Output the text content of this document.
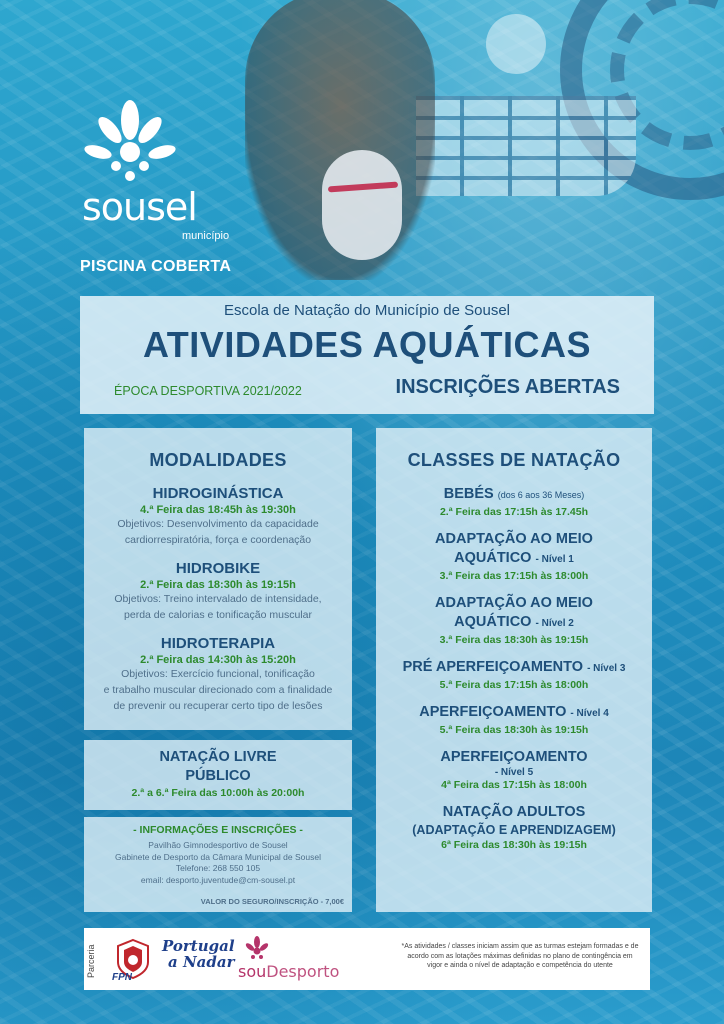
sousel
município
PISCINA COBERTA
Escola de Natação do Município de Sousel
ATIVIDADES AQUÁTICAS
ÉPOCA DESPORTIVA 2021/2022	INSCRIÇÕES ABERTAS
MODALIDADES
HIDROGINÁSTICA
4.ª Feira das 18:45h às 19:30h
Objetivos: Desenvolvimento da capacidade
cardiorrespiratória, força e coordenação
HIDROBIKE
2.ª Feira das 18:30h às 19:15h
Objetivos: Treino intervalado de intensidade,
perda de calorias e tonificação muscular
HIDROTERAPIA
2.ª Feira das 14:30h às 15:20h
Objetivos: Exercício funcional, tonificação
e trabalho muscular direcionado com a finalidade
de prevenir ou recuperar certo tipo de lesões
NATAÇÃO LIVRE
PÚBLICO
2.ª a 6.ª Feira das 10:00h às 20:00h
- INFORMAÇÕES E INSCRIÇÕES -
Pavilhão Gimnodesportivo de Sousel
Gabinete de Desporto da Câmara Municipal de Sousel
Telefone: 268 550 105
email: desporto.juventude@cm-sousel.pt
VALOR DO SEGURO/INSCRIÇÃO - 7,00€
CLASSES DE NATAÇÃO
BEBÉS (dos 6 aos 36 Meses)
2.ª Feira das 17:15h às 17.45h
ADAPTAÇÃO AO MEIO
AQUÁTICO - Nível 1
3.ª Feira das 17:15h às 18:00h
ADAPTAÇÃO AO MEIO
AQUÁTICO - Nível 2
3.ª Feira das 18:30h às 19:15h
PRÉ APERFEIÇOAMENTO - Nível 3
5.ª Feira das 17:15h às 18:00h
APERFEIÇOAMENTO - Nível 4
5.ª Feira das 18:30h às 19:15h
APERFEIÇOAMENTO
- Nível 5
4ª Feira das 17:15h às 18:00h
NATAÇÃO ADULTOS
(ADAPTAÇÃO E APRENDIZAGEM)
6ª Feira das 18:30h às 19:15h
Parceria FPN
Portugal
a Nadar souDesporto
*As atividades / classes iniciam assim que as turmas estejam formadas e de acordo com as lotações máximas definidas no plano de contingência em vigor e ainda o nível de adaptação e competência do utente
